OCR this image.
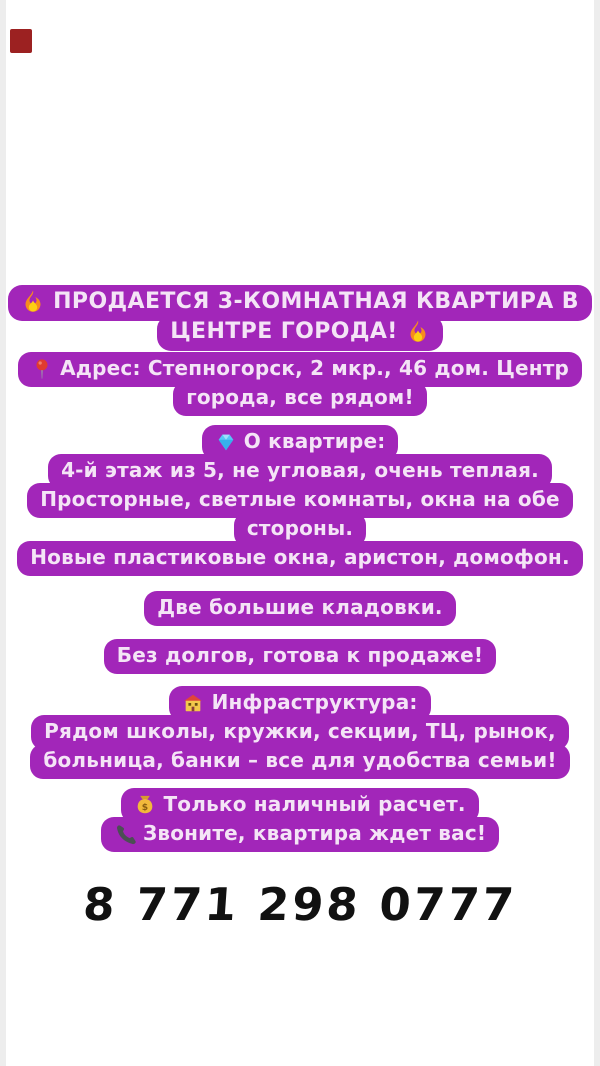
ПРОДАЕТСЯ 3-КОМНАТНАЯ КВАРТИРА В
ЦЕНТРЕ ГОРОДА!
Адрес: Степногорск, 2 мкр., 46 дом. Центр
города, все рядом!
О квартире:
4-й этаж из 5, не угловая, очень теплая.
Просторные, светлые комнаты, окна на обе
стороны.
Новые пластиковые окна, аристон, домофон.
Две большие кладовки.
Без долгов, готова к продаже!
Инфраструктура:
Рядом школы, кружки, секции, ТЦ, рынок,
больница, банки – все для удобства семьи!
$ Только наличный расчет.
Звоните, квартира ждет вас!
8 771 298 0777
